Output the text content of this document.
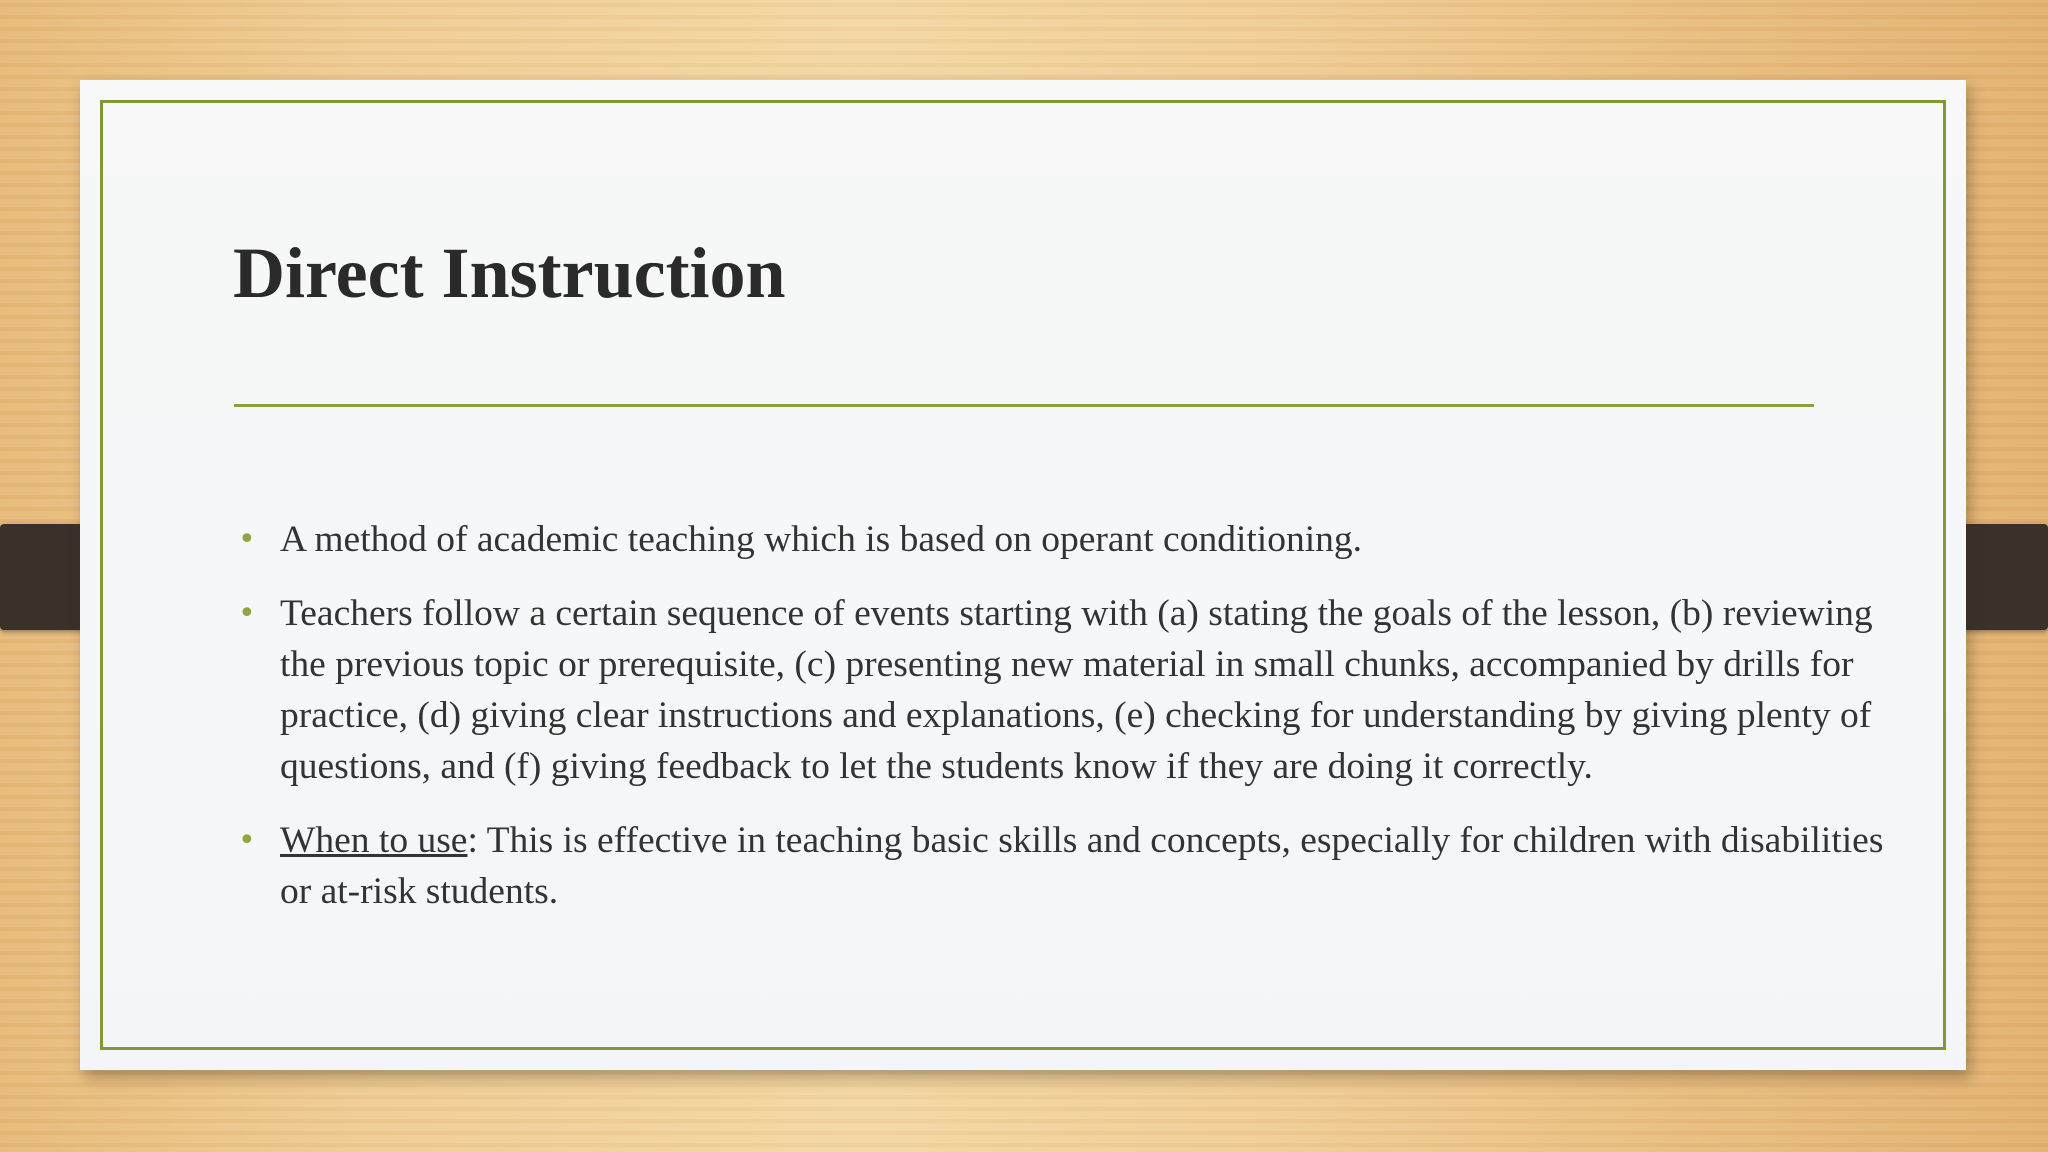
Direct Instruction
• A method of academic teaching which is based on operant conditioning.
• Teachers follow a certain sequence of events starting with (a) stating the goals of the lesson, (b) reviewing the previous topic or prerequisite, (c) presenting new material in small chunks, accompanied by drills for practice, (d) giving clear instructions and explanations, (e) checking for understanding by giving plenty of questions, and (f) giving feedback to let the students know if they are doing it correctly.
• When to use: This is effective in teaching basic skills and concepts, especially for children with disabilities or at-risk students.
